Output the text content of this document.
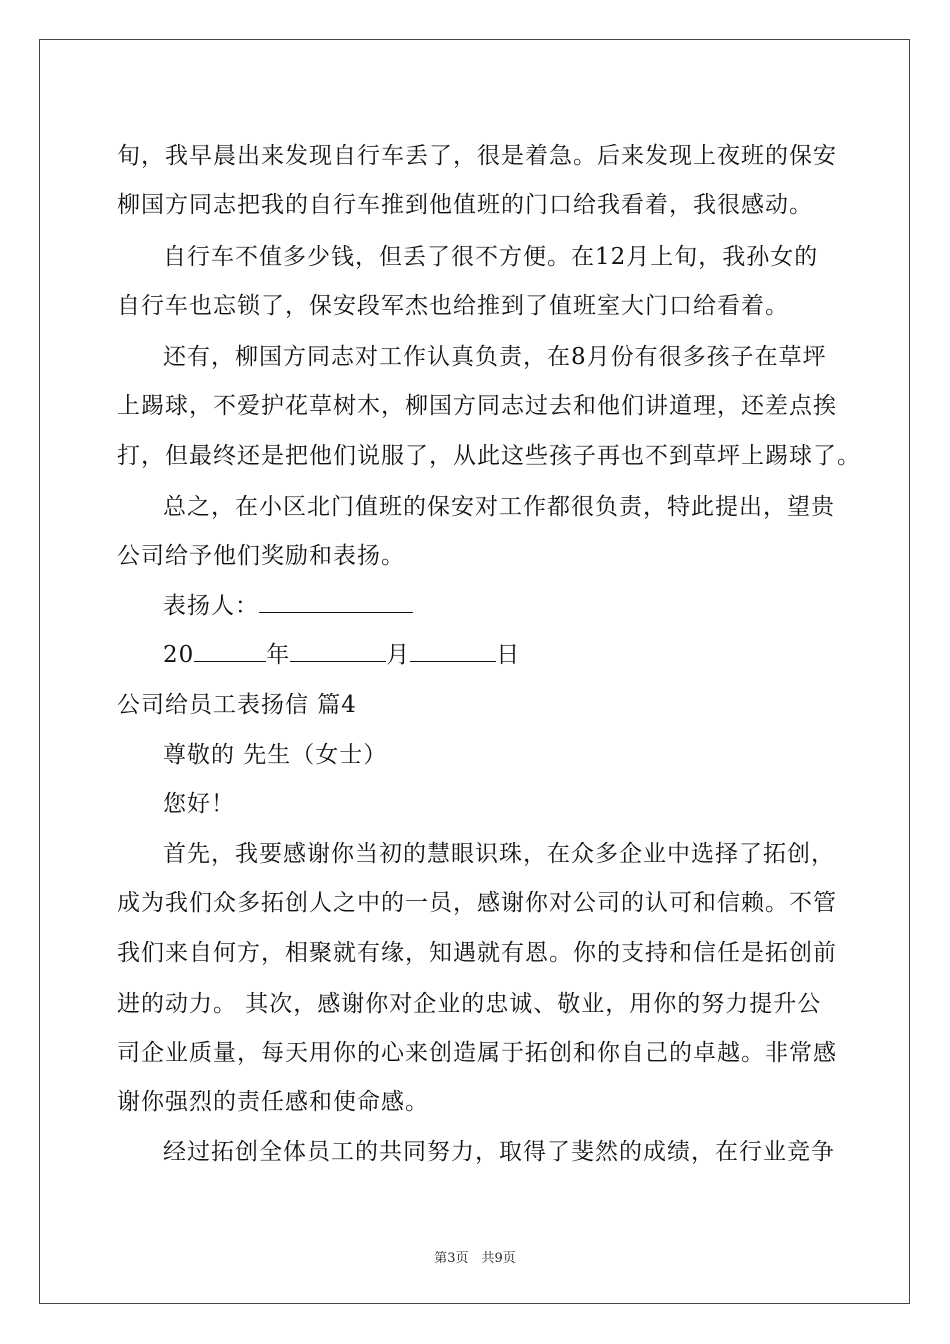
旬，我早晨出来发现自行车丢了，很是着急。后来发现上夜班的保安
柳国方同志把我的自行车推到他值班的门口给我看着，我很感动。
自行车不值多少钱，但丢了很不方便。在12月上旬，我孙女的
自行车也忘锁了，保安段军杰也给推到了值班室大门口给看着。
还有，柳国方同志对工作认真负责，在8月份有很多孩子在草坪
上踢球，不爱护花草树木，柳国方同志过去和他们讲道理，还差点挨
打，但最终还是把他们说服了，从此这些孩子再也不到草坪上踢球了。
总之，在小区北门值班的保安对工作都很负责，特此提出，望贵
公司给予他们奖励和表扬。
表扬人：
20	年	月	日
公司给员工表扬信 篇4
尊敬的 先生（女士）
您好！
首先，我要感谢你当初的慧眼识珠，在众多企业中选择了拓创，
成为我们众多拓创人之中的一员，感谢你对公司的认可和信赖。不管
我们来自何方，相聚就有缘，知遇就有恩。你的支持和信任是拓创前
进的动力。 其次，感谢你对企业的忠诚、敬业，用你的努力提升公
司企业质量，每天用你的心来创造属于拓创和你自己的卓越。非常感
谢你强烈的责任感和使命感。
经过拓创全体员工的共同努力，取得了斐然的成绩，在行业竞争
第3页　共9页
